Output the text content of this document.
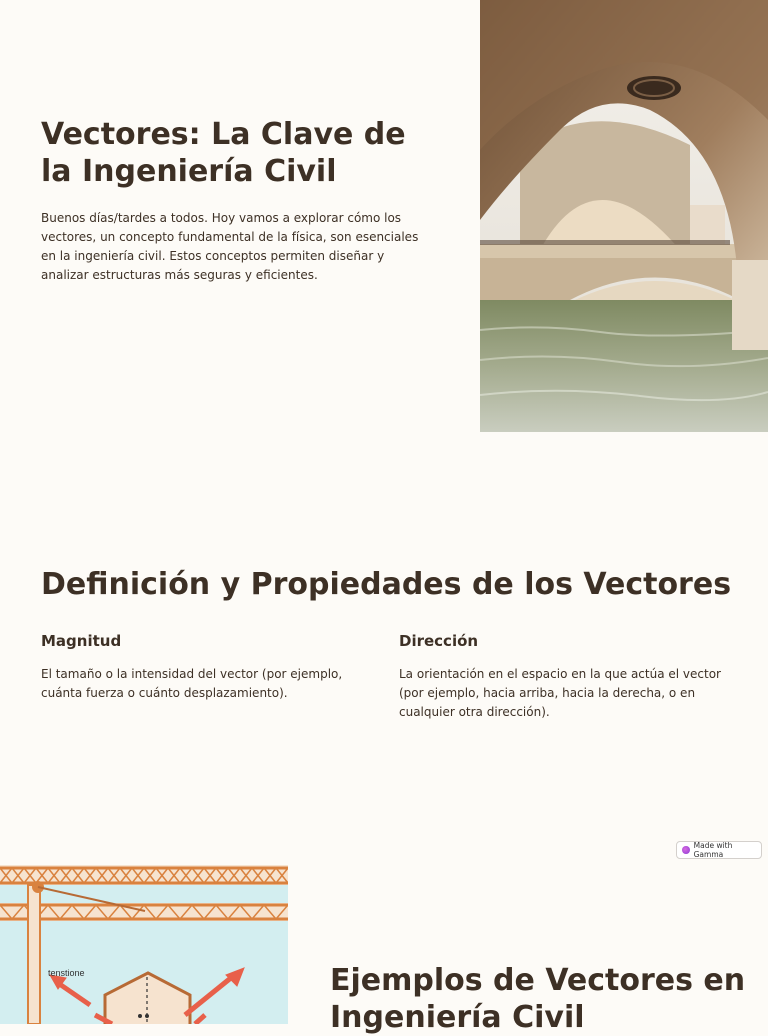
Vectores: La Clave de la Ingeniería Civil

Buenos días/tardes a todos. Hoy vamos a explorar cómo los vectores, un concepto fundamental de la física, son esenciales en la ingeniería civil. Estos conceptos permiten diseñar y analizar estructuras más seguras y eficientes.

Definición y Propiedades de los Vectores
Magnitud

El tamaño o la intensidad del vector (por ejemplo, cuánta fuerza o cuánto desplazamiento).

Dirección

La orientación en el espacio en la que actúa el vector (por ejemplo, hacia arriba, hacia la derecha, o en cualquier otra dirección).

Made with Gamma
tenstione	Ejemplos de Vectores en Ingeniería Civil
